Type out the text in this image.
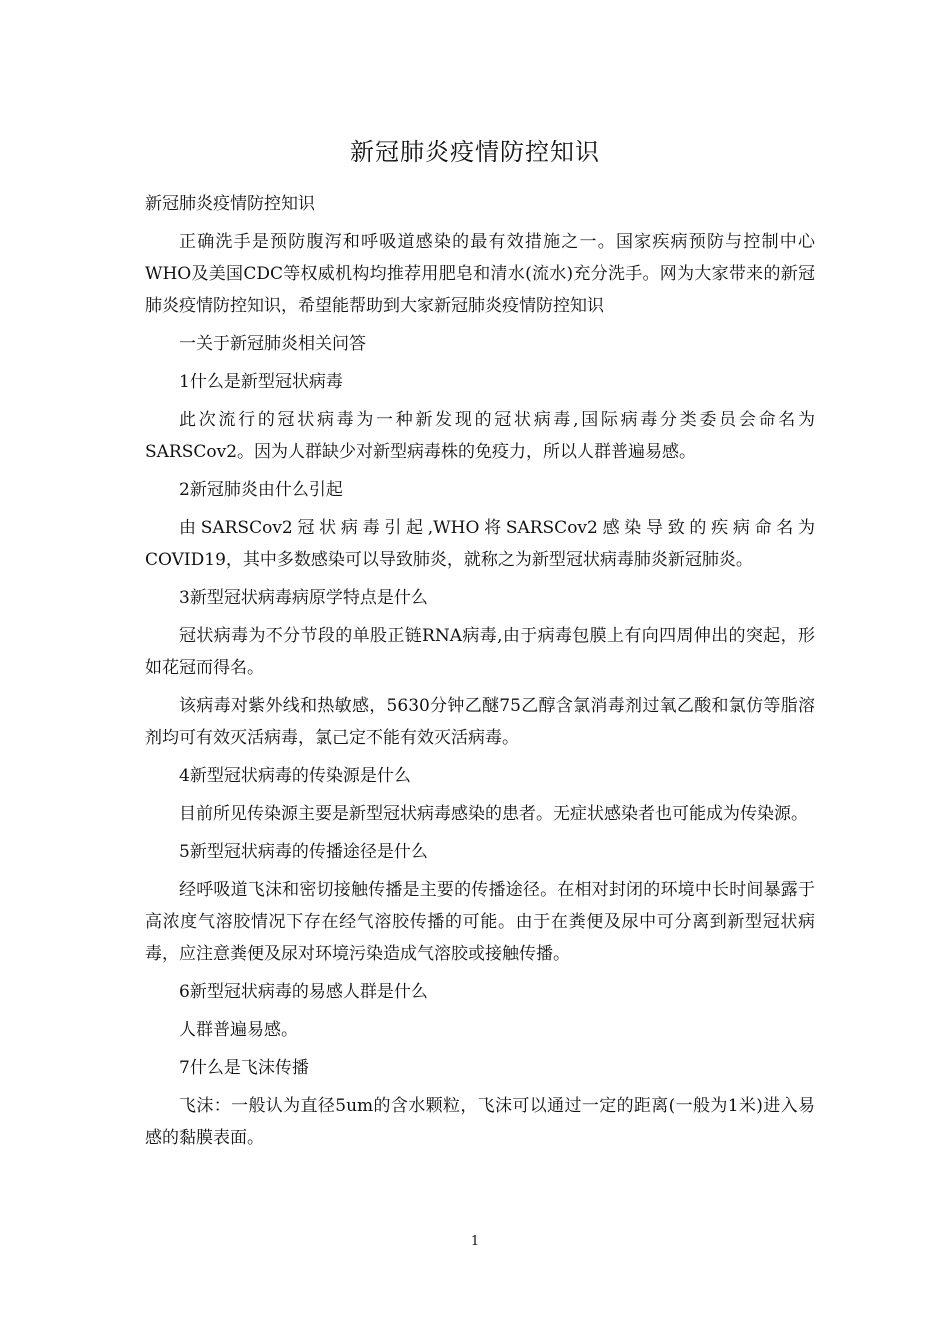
新冠肺炎疫情防控知识

新冠肺炎疫情防控知识

正确洗手是预防腹泻和呼吸道感染的最有效措施之一。国家疾病预防与控制中心WHO及美国CDC等权威机构均推荐用肥皂和清水(流水)充分洗手。网为大家带来的新冠肺炎疫情防控知识，希望能帮助到大家新冠肺炎疫情防控知识

一关于新冠肺炎相关问答

1什么是新型冠状病毒

此次流行的冠状病毒为一种新发现的冠状病毒,国际病毒分类委员会命名为SARSCov2。因为人群缺少对新型病毒株的免疫力，所以人群普遍易感。

2新冠肺炎由什么引起

由SARSCov2冠状病毒引起,WHO将SARSCov2感染导致的疾病命名为COVID19，其中多数感染可以导致肺炎，就称之为新型冠状病毒肺炎新冠肺炎。

3新型冠状病毒病原学特点是什么

冠状病毒为不分节段的单股正链RNA病毒,由于病毒包膜上有向四周伸出的突起，形如花冠而得名。

该病毒对紫外线和热敏感，5630分钟乙醚75乙醇含氯消毒剂过氧乙酸和氯仿等脂溶剂均可有效灭活病毒，氯己定不能有效灭活病毒。

4新型冠状病毒的传染源是什么

目前所见传染源主要是新型冠状病毒感染的患者。无症状感染者也可能成为传染源。

5新型冠状病毒的传播途径是什么

经呼吸道飞沫和密切接触传播是主要的传播途径。在相对封闭的环境中长时间暴露于高浓度气溶胶情况下存在经气溶胶传播的可能。由于在粪便及尿中可分离到新型冠状病毒，应注意粪便及尿对环境污染造成气溶胶或接触传播。

6新型冠状病毒的易感人群是什么

人群普遍易感。

7什么是飞沫传播

飞沫：一般认为直径5um的含水颗粒，飞沫可以通过一定的距离(一般为1米)进入易感的黏膜表面。

1
